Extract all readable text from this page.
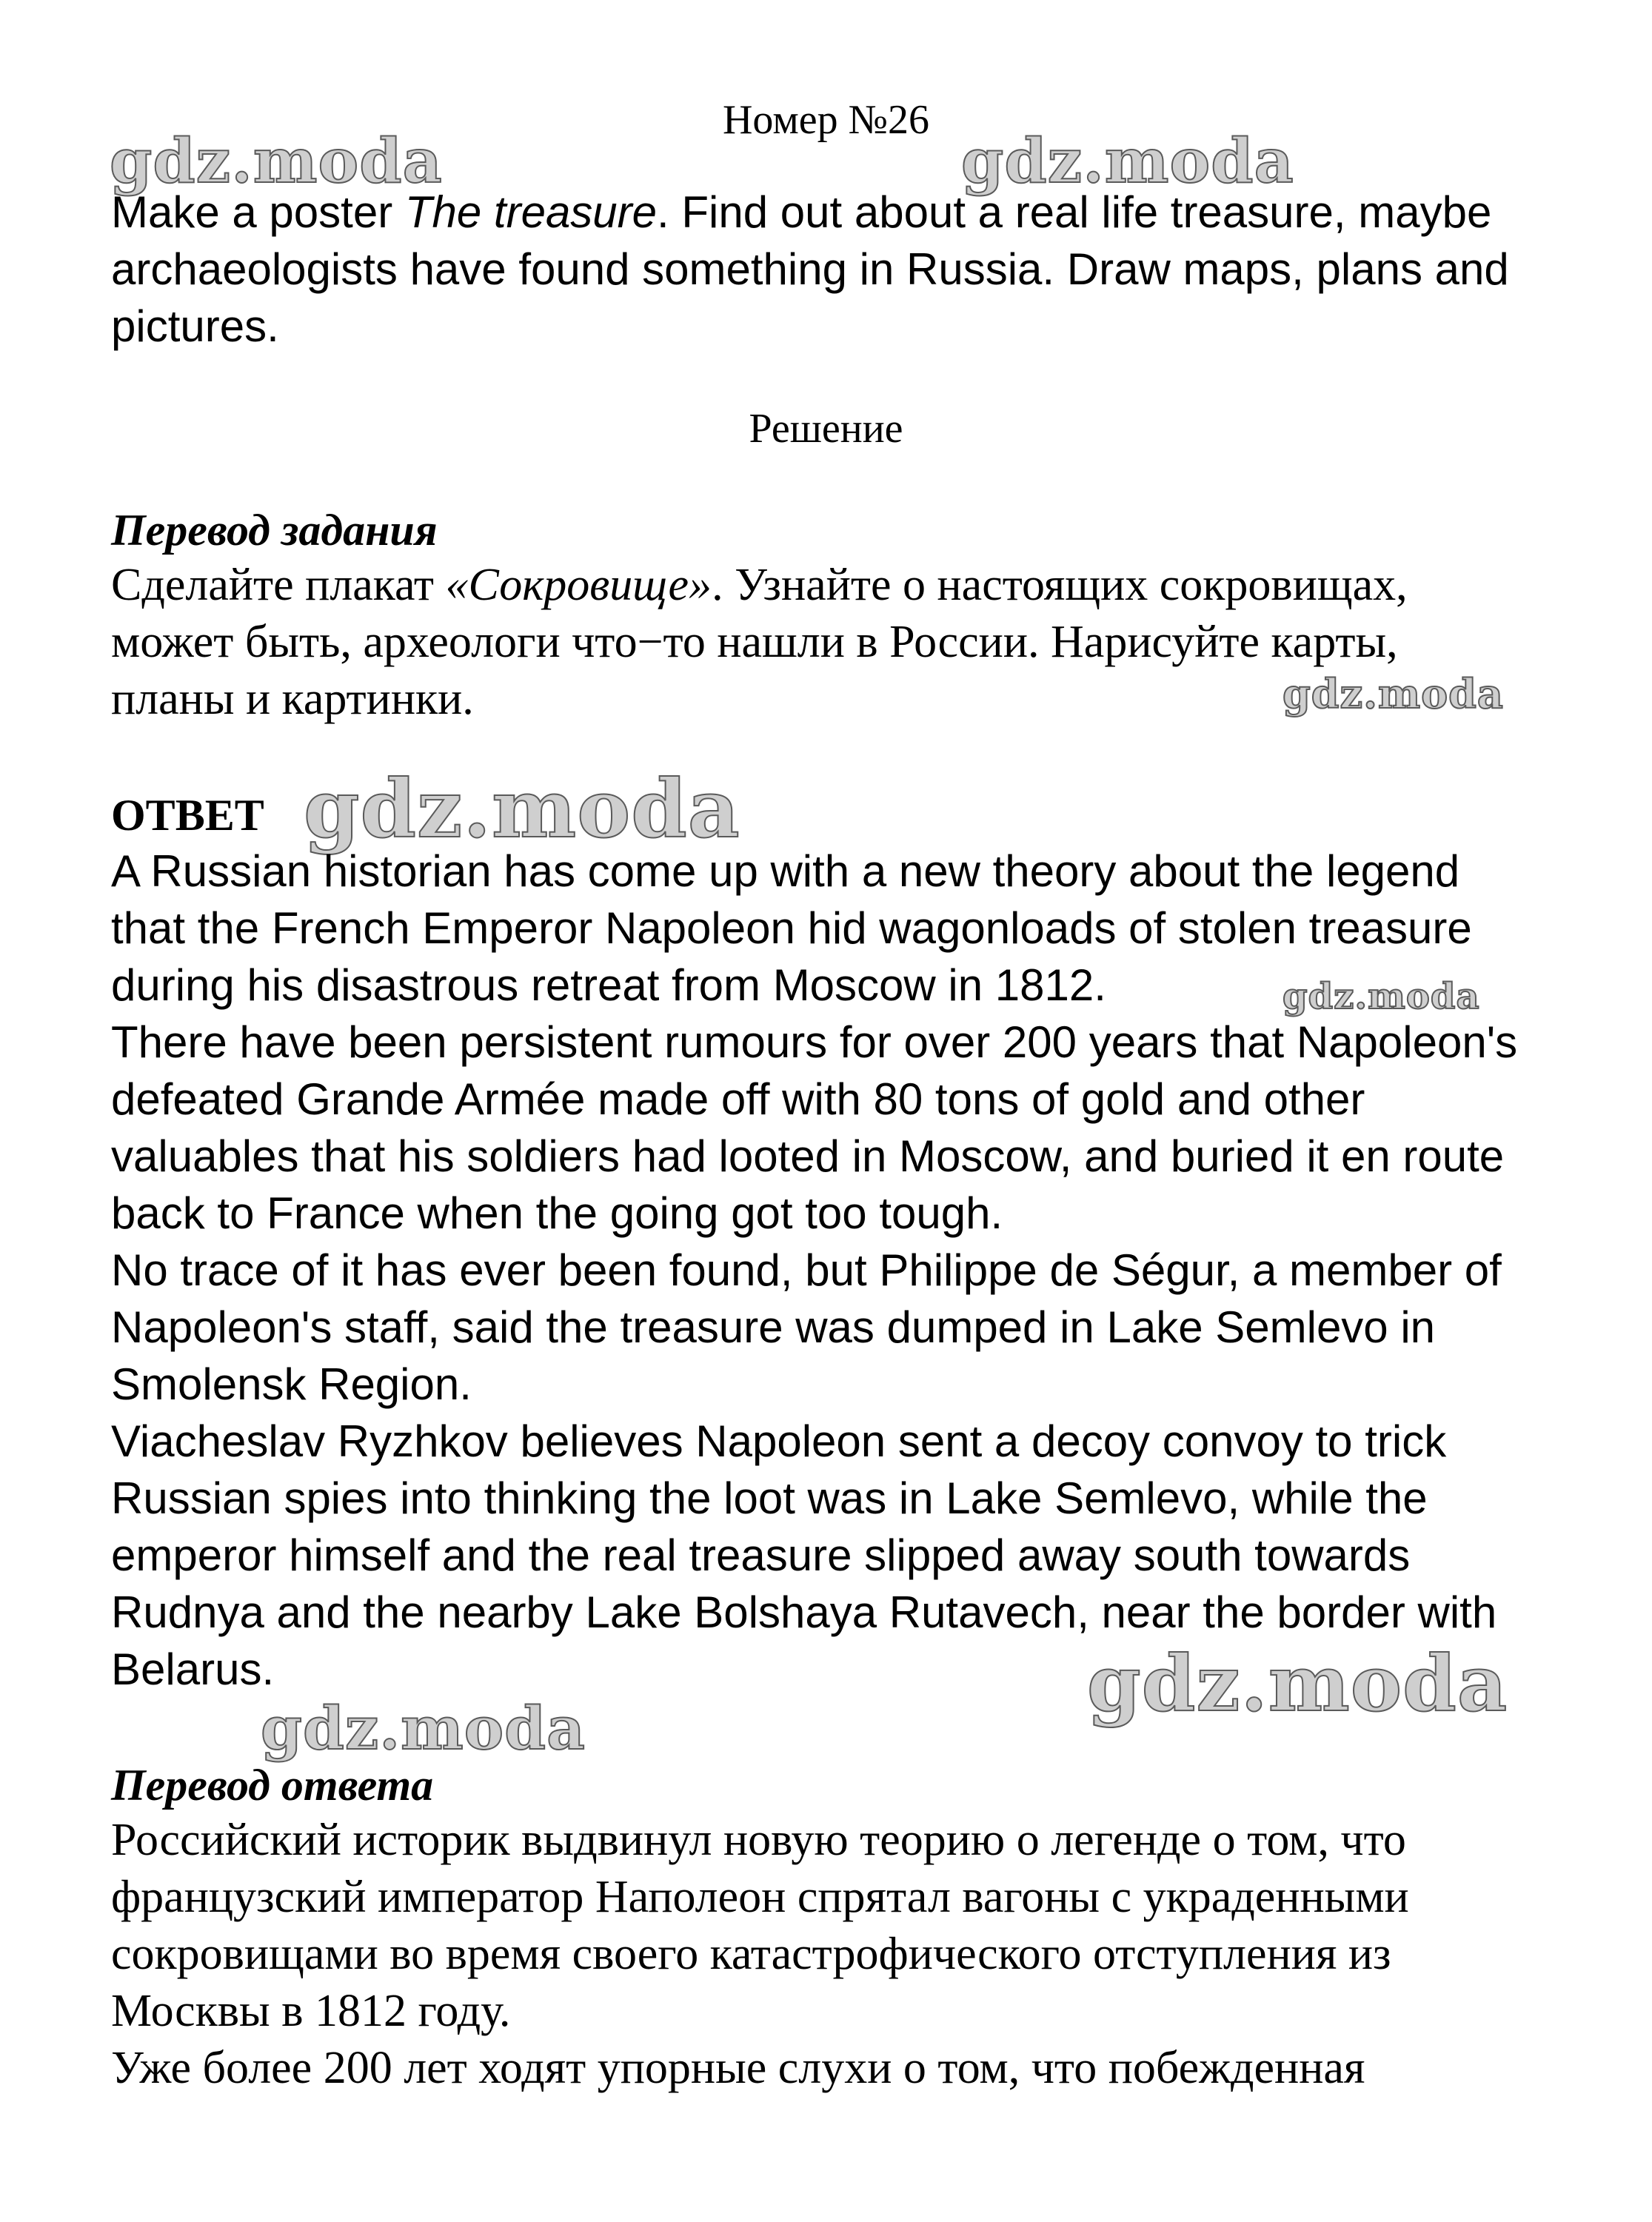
gdz.moda	gdz.moda
gdz.moda
gdz.moda
gdz.moda
gdz.moda
gdz.moda
Номер №26

Make a poster The treasure. Find out about a real life treasure, maybe

archaeologists have found something in Russia. Draw maps, plans and

pictures.

Решение
Перевод задания

Сделайте плакат «Сокровище». Узнайте о настоящих сокровищах,

может быть, археологи что−то нашли в России. Нарисуйте карты,

планы и картинки.

ОТВЕТ

A Russian historian has come up with a new theory about the legend

that the French Emperor Napoleon hid wagonloads of stolen treasure

during his disastrous retreat from Moscow in 1812.

There have been persistent rumours for over 200 years that Napoleon's

defeated Grande Armée made off with 80 tons of gold and other

valuables that his soldiers had looted in Moscow, and buried it en route

back to France when the going got too tough.

No trace of it has ever been found, but Philippe de Ségur, a member of

Napoleon's staff, said the treasure was dumped in Lake Semlevo in

Smolensk Region.

Viacheslav Ryzhkov believes Napoleon sent a decoy convoy to trick

Russian spies into thinking the loot was in Lake Semlevo, while the

emperor himself and the real treasure slipped away south towards

Rudnya and the nearby Lake Bolshaya Rutavech, near the border with

Belarus.

Перевод ответа

Российский историк выдвинул новую теорию о легенде о том, что

французский император Наполеон спрятал вагоны с украденными

сокровищами во время своего катастрофического отступления из

Москвы в 1812 году.

Уже более 200 лет ходят упорные слухи о том, что побежденная
